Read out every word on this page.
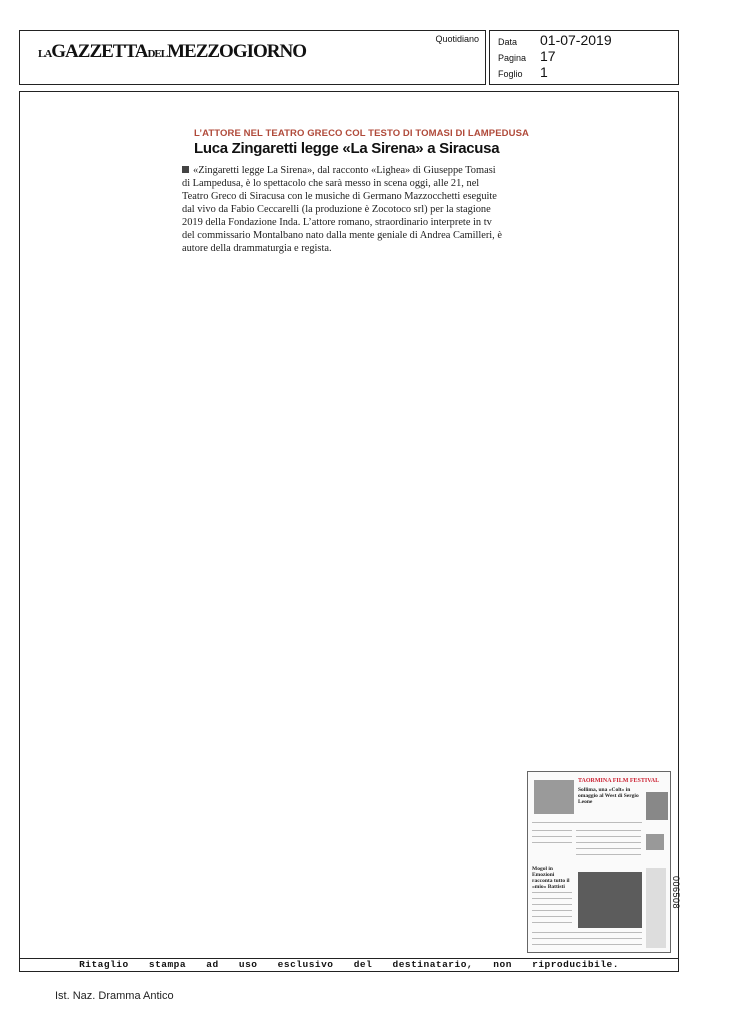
LAGAZZETTADELMEZZOGIORNO
Quotidiano Data 01-07-2019
Pagina 17
Foglio 1
Ritaglio stampa ad uso esclusivo del destinatario, non riproducibile.
L’ATTORE NEL TEATRO GRECO COL TESTO DI TOMASI DI LAMPEDUSA
Luca Zingaretti legge «La Sirena» a Siracusa
«Zingaretti legge La Sirena», dal racconto «Lighea» di Giuseppe Tomasi di Lampedusa, è lo spettacolo che sarà messo in scena oggi, alle 21, nel Teatro Greco di Siracusa con le musiche di Germano Mazzocchetti eseguite dal vivo da Fabio Ceccarelli (la produzione è Zocotoco srl) per la stagione 2019 della Fondazione Inda. L’attore romano, straordinario interprete in tv del commissario Montalbano nato dalla mente geniale di Andrea Camilleri, è autore della drammaturgia e regista.
TAORMINA FILM FESTIVAL
Sollima, una «Colt» in omaggio al West di Sergio Leone
Mogol in Emozioni racconta tutto il «mio» Battisti	006508
Ist. Naz. Dramma Antico
